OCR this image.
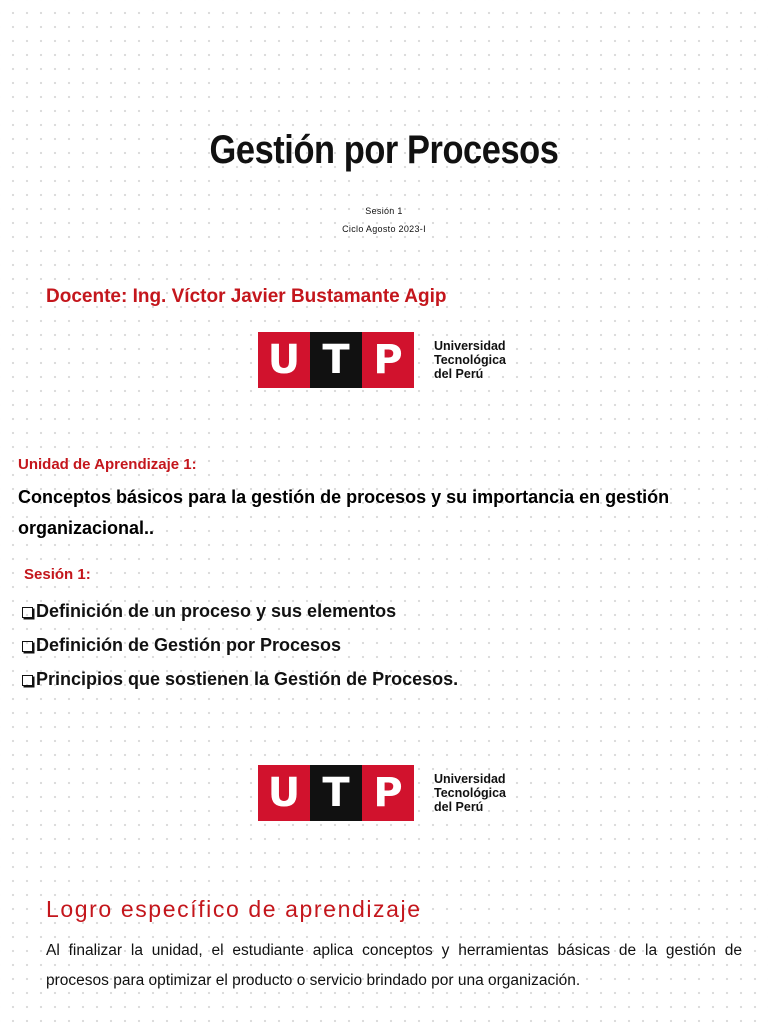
Gestión por Procesos
Sesión 1
Ciclo Agosto 2023-I
Docente: Ing. Víctor Javier Bustamante Agip
U T P	Universidad
Tecnológica
del Perú
Unidad de Aprendizaje 1:
Conceptos básicos para la gestión de procesos y su importancia en gestión organizacional..
Sesión 1:
Definición de un proceso y sus elementos
Definición de Gestión por Procesos
Principios que sostienen la Gestión de Procesos.
U T P	Universidad
Tecnológica
del Perú
Logro específico de aprendizaje
Al finalizar la unidad, el estudiante aplica conceptos y herramientas básicas de la gestión de procesos para optimizar el producto o servicio brindado por una organización.
